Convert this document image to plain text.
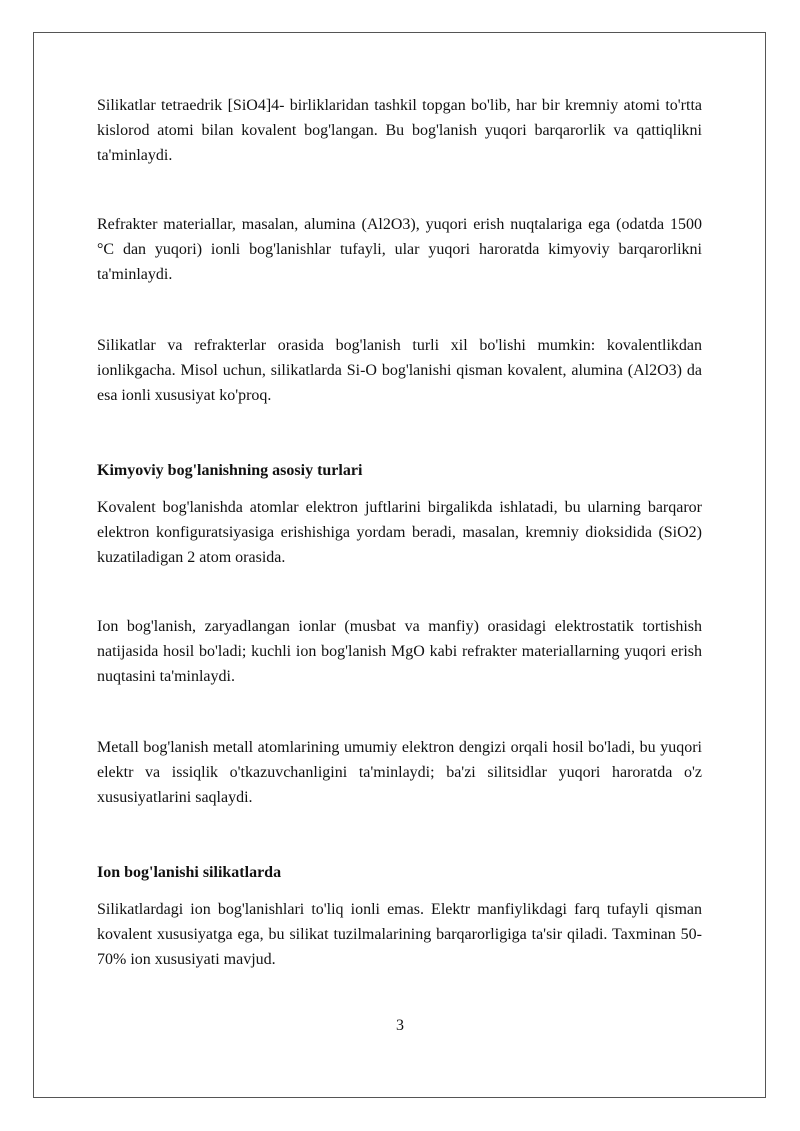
Silikatlar tetraedrik [SiO4]4- birliklaridan tashkil topgan bo'lib, har bir kremniy atomi to'rtta kislorod atomi bilan kovalent bog'langan. Bu bog'lanish yuqori barqarorlik va qattiqlikni ta'minlaydi.

Refrakter materiallar, masalan, alumina (Al2O3), yuqori erish nuqtalariga ega (odatda 1500 °C dan yuqori) ionli bog'lanishlar tufayli, ular yuqori haroratda kimyoviy barqarorlikni ta'minlaydi.

Silikatlar va refrakterlar orasida bog'lanish turli xil bo'lishi mumkin: kovalentlikdan ionlikgacha. Misol uchun, silikatlarda Si-O bog'lanishi qisman kovalent, alumina (Al2O3) da esa ionli xususiyat ko'proq.

Kimyoviy bog'lanishning asosiy turlari

Kovalent bog'lanishda atomlar elektron juftlarini birgalikda ishlatadi, bu ularning barqaror elektron konfiguratsiyasiga erishishiga yordam beradi, masalan, kremniy dioksidida (SiO2) kuzatiladigan 2 atom orasida.

Ion bog'lanish, zaryadlangan ionlar (musbat va manfiy) orasidagi elektrostatik tortishish natijasida hosil bo'ladi; kuchli ion bog'lanish MgO kabi refrakter materiallarning yuqori erish nuqtasini ta'minlaydi.

Metall bog'lanish metall atomlarining umumiy elektron dengizi orqali hosil bo'ladi, bu yuqori elektr va issiqlik o'tkazuvchanligini ta'minlaydi; ba'zi silitsidlar yuqori haroratda o'z xususiyatlarini saqlaydi.

Ion bog'lanishi silikatlarda

Silikatlardagi ion bog'lanishlari to'liq ionli emas. Elektr manfiylikdagi farq tufayli qisman kovalent xususiyatga ega, bu silikat tuzilmalarining barqarorligiga ta'sir qiladi. Taxminan 50-70% ion xususiyati mavjud.

3
